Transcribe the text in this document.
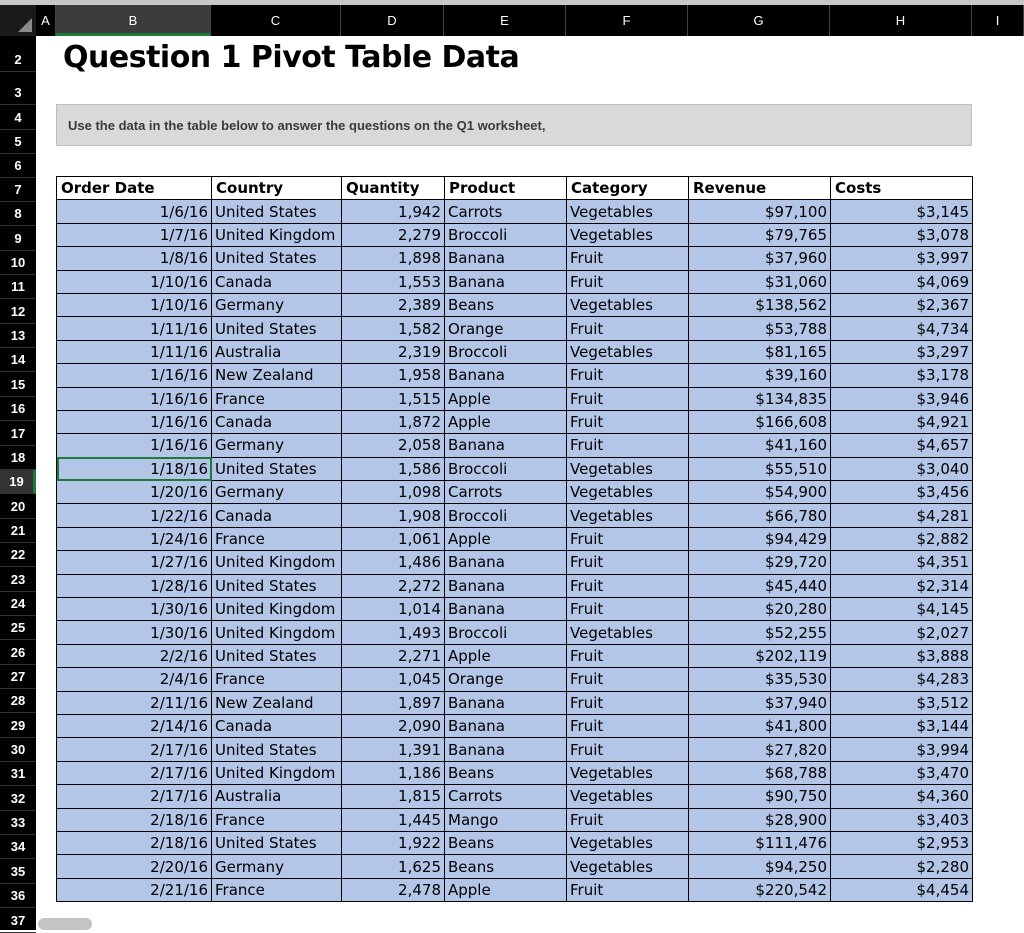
A	B	C	D	E	F	G	H	I
2
3
4
5
6
7
8
9
10
11
12
13
14
15
16
17
18
19
20
21
22
23
24
25
26
27
28
29
30
31
32
33
34
35
36
37
Question 1 Pivot Table Data
Use the data in the table below to answer the questions on the Q1 worksheet,
Order Date	Country	Quantity	Product	Category	Revenue	Costs
1/6/16	United States	1,942	Carrots	Vegetables	$97,100	$3,145
1/7/16	United Kingdom	2,279	Broccoli	Vegetables	$79,765	$3,078
1/8/16	United States	1,898	Banana	Fruit	$37,960	$3,997
1/10/16	Canada	1,553	Banana	Fruit	$31,060	$4,069
1/10/16	Germany	2,389	Beans	Vegetables	$138,562	$2,367
1/11/16	United States	1,582	Orange	Fruit	$53,788	$4,734
1/11/16	Australia	2,319	Broccoli	Vegetables	$81,165	$3,297
1/16/16	New Zealand	1,958	Banana	Fruit	$39,160	$3,178
1/16/16	France	1,515	Apple	Fruit	$134,835	$3,946
1/16/16	Canada	1,872	Apple	Fruit	$166,608	$4,921
1/16/16	Germany	2,058	Banana	Fruit	$41,160	$4,657
1/18/16	United States	1,586	Broccoli	Vegetables	$55,510	$3,040
1/20/16	Germany	1,098	Carrots	Vegetables	$54,900	$3,456
1/22/16	Canada	1,908	Broccoli	Vegetables	$66,780	$4,281
1/24/16	France	1,061	Apple	Fruit	$94,429	$2,882
1/27/16	United Kingdom	1,486	Banana	Fruit	$29,720	$4,351
1/28/16	United States	2,272	Banana	Fruit	$45,440	$2,314
1/30/16	United Kingdom	1,014	Banana	Fruit	$20,280	$4,145
1/30/16	United Kingdom	1,493	Broccoli	Vegetables	$52,255	$2,027
2/2/16	United States	2,271	Apple	Fruit	$202,119	$3,888
2/4/16	France	1,045	Orange	Fruit	$35,530	$4,283
2/11/16	New Zealand	1,897	Banana	Fruit	$37,940	$3,512
2/14/16	Canada	2,090	Banana	Fruit	$41,800	$3,144
2/17/16	United States	1,391	Banana	Fruit	$27,820	$3,994
2/17/16	United Kingdom	1,186	Beans	Vegetables	$68,788	$3,470
2/17/16	Australia	1,815	Carrots	Vegetables	$90,750	$4,360
2/18/16	France	1,445	Mango	Fruit	$28,900	$3,403
2/18/16	United States	1,922	Beans	Vegetables	$111,476	$2,953
2/20/16	Germany	1,625	Beans	Vegetables	$94,250	$2,280
2/21/16	France	2,478	Apple	Fruit	$220,542	$4,454
